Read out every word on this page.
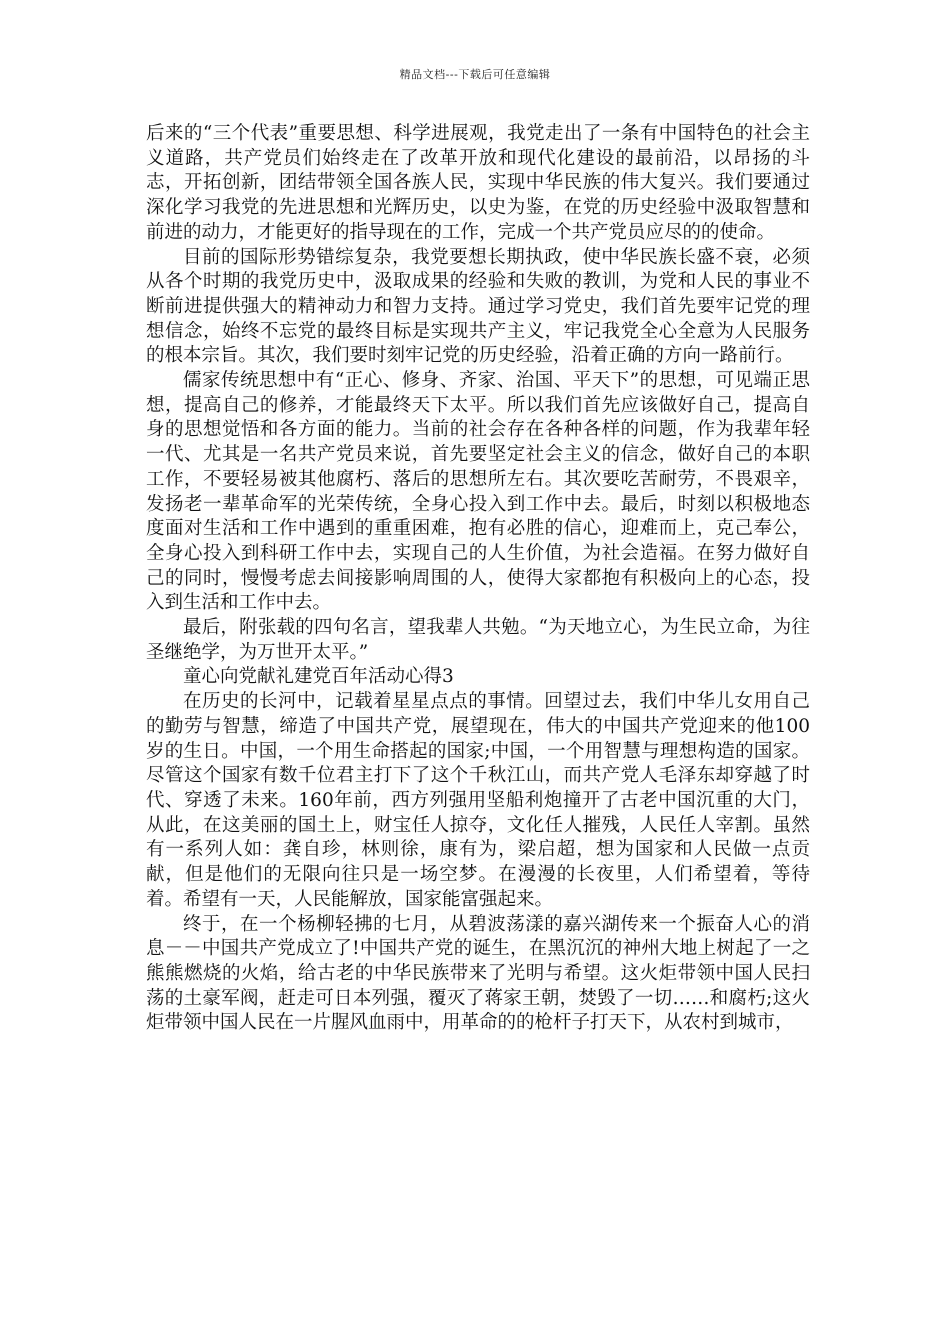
精品文档---下载后可任意编辑

后来的“三个代表”重要思想、科学进展观，我党走出了一条有中国特色的社会主义道路，共产党员们始终走在了改革开放和现代化建设的最前沿，以昂扬的斗志，开拓创新，团结带领全国各族人民，实现中华民族的伟大复兴。我们要通过深化学习我党的先进思想和光辉历史，以史为鉴，在党的历史经验中汲取智慧和前进的动力，才能更好的指导现在的工作，完成一个共产党员应尽的的使命。

目前的国际形势错综复杂，我党要想长期执政，使中华民族长盛不衰，必须从各个时期的我党历史中，汲取成果的经验和失败的教训，为党和人民的事业不断前进提供强大的精神动力和智力支持。通过学习党史，我们首先要牢记党的理想信念，始终不忘党的最终目标是实现共产主义，牢记我党全心全意为人民服务的根本宗旨。其次，我们要时刻牢记党的历史经验，沿着正确的方向一路前行。

儒家传统思想中有“正心、修身、齐家、治国、平天下”的思想，可见端正思想，提高自己的修养，才能最终天下太平。所以我们首先应该做好自己，提高自身的思想觉悟和各方面的能力。当前的社会存在各种各样的问题，作为我辈年轻一代、尤其是一名共产党员来说，首先要坚定社会主义的信念，做好自己的本职工作，不要轻易被其他腐朽、落后的思想所左右。其次要吃苦耐劳，不畏艰辛，发扬老一辈革命军的光荣传统，全身心投入到工作中去。最后，时刻以积极地态度面对生活和工作中遇到的重重困难，抱有必胜的信心，迎难而上，克己奉公，全身心投入到科研工作中去，实现自己的人生价值，为社会造福。在努力做好自己的同时，慢慢考虑去间接影响周围的人，使得大家都抱有积极向上的心态，投入到生活和工作中去。

最后，附张载的四句名言，望我辈人共勉。“为天地立心，为生民立命，为往圣继绝学，为万世开太平。”

童心向党献礼建党百年活动心得3

在历史的长河中，记载着星星点点的事情。回望过去，我们中华儿女用自己的勤劳与智慧，缔造了中国共产党，展望现在，伟大的中国共产党迎来的他100岁的生日。中国，一个用生命搭起的国家;中国，一个用智慧与理想构造的国家。尽管这个国家有数千位君主打下了这个千秋江山，而共产党人毛泽东却穿越了时代、穿透了未来。160年前，西方列强用坚船利炮撞开了古老中国沉重的大门，从此，在这美丽的国土上，财宝任人掠夺，文化任人摧残，人民任人宰割。虽然有一系列人如：龚自珍，林则徐，康有为，梁启超，想为国家和人民做一点贡献，但是他们的无限向往只是一场空梦。在漫漫的长夜里，人们希望着，等待着。希望有一天，人民能解放，国家能富强起来。

终于，在一个杨柳轻拂的七月，从碧波荡漾的嘉兴湖传来一个振奋人心的消息－－中国共产党成立了!中国共产党的诞生，在黑沉沉的神州大地上树起了一之熊熊燃烧的火焰，给古老的中华民族带来了光明与希望。这火炬带领中国人民扫荡的土豪军阀，赶走可日本列强，覆灭了蒋家王朝，焚毁了一切……和腐朽;这火炬带领中国人民在一片腥风血雨中，用革命的的枪杆子打天下，从农村到城市，
